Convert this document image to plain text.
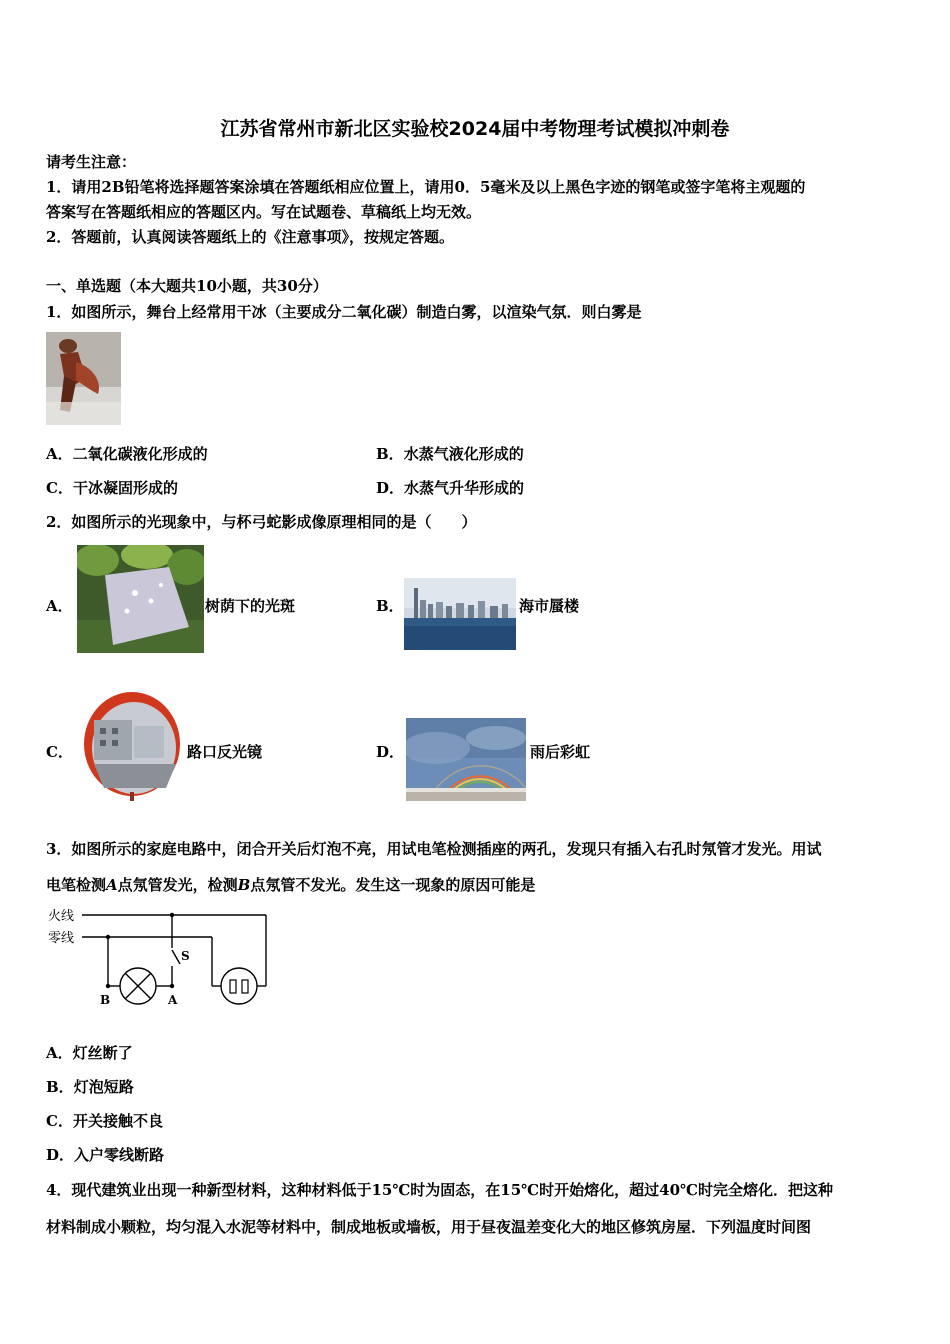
江苏省常州市新北区实验校2024届中考物理考试模拟冲刺卷
请考生注意：
1．请用2B铅笔将选择题答案涂填在答题纸相应位置上，请用0．5毫米及以上黑色字迹的钢笔或签字笔将主观题的
答案写在答题纸相应的答题区内。写在试题卷、草稿纸上均无效。
2．答题前，认真阅读答题纸上的《注意事项》，按规定答题。
一、单选题（本大题共10小题，共30分）
1．如图所示，舞台上经常用干冰（主要成分二氧化碳）制造白雾，以渲染气氛．则白雾是
A．二氧化碳液化形成的	B．水蒸气液化形成的
C．干冰凝固形成的	D．水蒸气升华形成的
2．如图所示的光现象中，与杯弓蛇影成像原理相同的是（　　）
A．	树荫下的光斑	B．	海市蜃楼
C．	路口反光镜	D．	雨后彩虹
3．如图所示的家庭电路中，闭合开关后灯泡不亮，用试电笔检测插座的两孔，发现只有插入右孔时氖管才发光。用试
电笔检测A点氖管发光，检测B点氖管不发光。发生这一现象的原因可能是
火线
零线
S
B	A
A．灯丝断了
B．灯泡短路
C．开关接触不良
D．入户零线断路
4．现代建筑业出现一种新型材料，这种材料低于15℃时为固态，在15℃时开始熔化，超过40℃时完全熔化．把这种
材料制成小颗粒，均匀混入水泥等材料中，制成地板或墙板，用于昼夜温差变化大的地区修筑房屋．下列温度时间图
